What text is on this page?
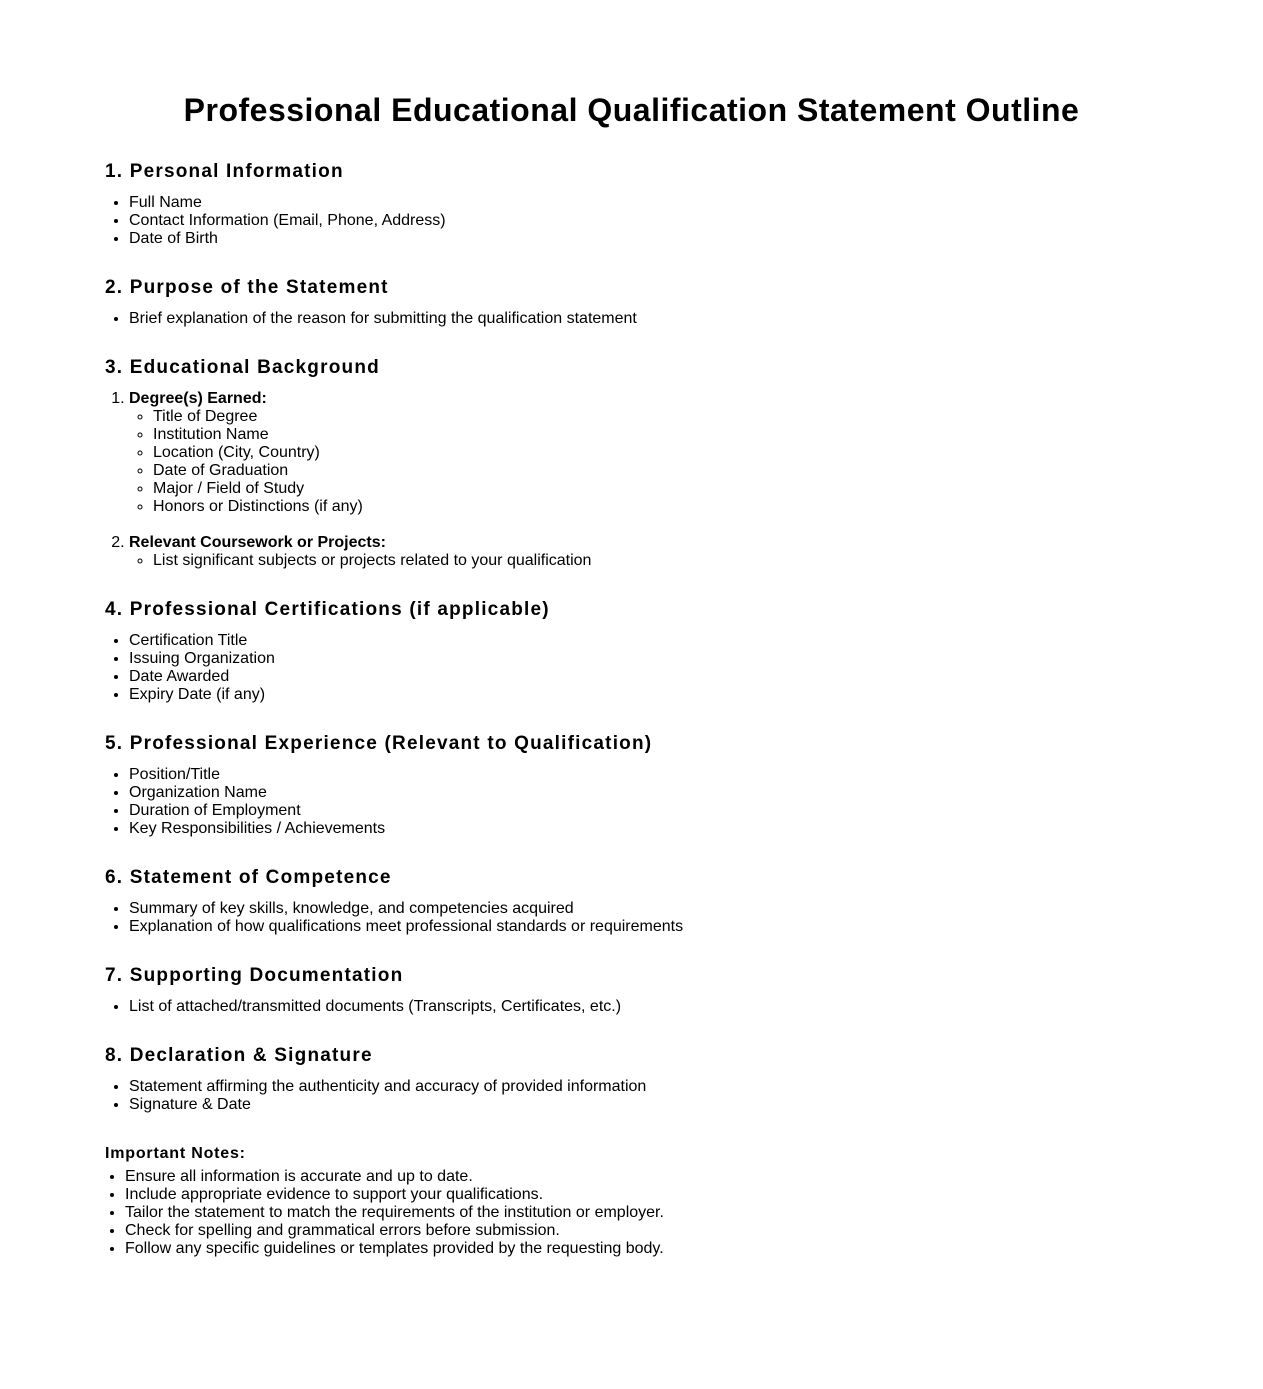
Professional Educational Qualification Statement Outline
1. Personal Information
• Full Name
• Contact Information (Email, Phone, Address)
• Date of Birth
2. Purpose of the Statement
• Brief explanation of the reason for submitting the qualification statement
3. Educational Background
1. Degree(s) Earned:
◦ Title of Degree
◦ Institution Name
◦ Location (City, Country)
◦ Date of Graduation
◦ Major / Field of Study
◦ Honors or Distinctions (if any)
2. Relevant Coursework or Projects:
◦ List significant subjects or projects related to your qualification
4. Professional Certifications (if applicable)
• Certification Title
• Issuing Organization
• Date Awarded
• Expiry Date (if any)
5. Professional Experience (Relevant to Qualification)
• Position/Title
• Organization Name
• Duration of Employment
• Key Responsibilities / Achievements
6. Statement of Competence
• Summary of key skills, knowledge, and competencies acquired
• Explanation of how qualifications meet professional standards or requirements
7. Supporting Documentation
• List of attached/transmitted documents (Transcripts, Certificates, etc.)
8. Declaration & Signature
• Statement affirming the authenticity and accuracy of provided information
• Signature & Date

Important Notes:

• Ensure all information is accurate and up to date.
• Include appropriate evidence to support your qualifications.
• Tailor the statement to match the requirements of the institution or employer.
• Check for spelling and grammatical errors before submission.
• Follow any specific guidelines or templates provided by the requesting body.
